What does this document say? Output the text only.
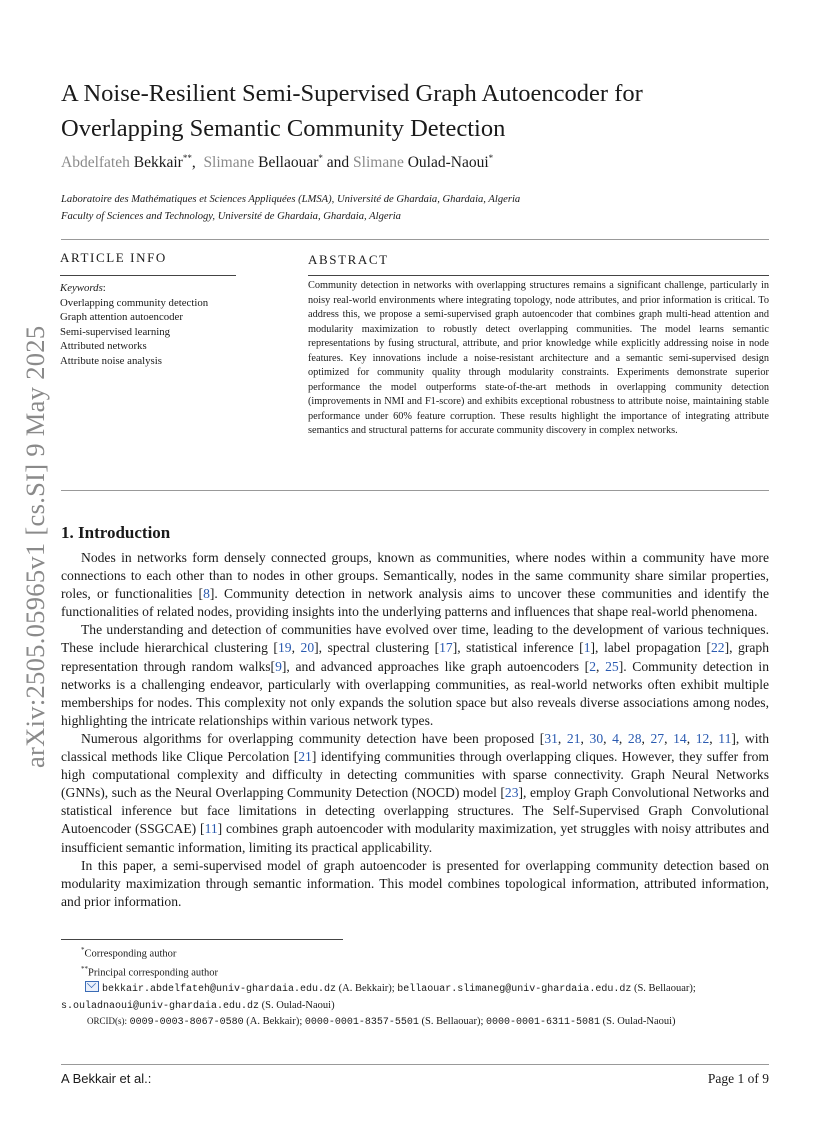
arXiv:2505.05965v1 [cs.SI] 9 May 2025
A Noise-Resilient Semi-Supervised Graph Autoencoder for
Overlapping Semantic Community Detection
Abdelfateh Bekkair**, Slimane Bellaouar* and Slimane Oulad-Naoui*
Laboratoire des Mathématiques et Sciences Appliquées (LMSA), Université de Ghardaia, Ghardaia, Algeria
Faculty of Sciences and Technology, Université de Ghardaia, Ghardaia, Algeria
ARTICLE INFO
Keywords:
Overlapping community detection
Graph attention autoencoder
Semi-supervised learning
Attributed networks
Attribute noise analysis
ABSTRACT
Community detection in networks with overlapping structures remains a significant challenge, particularly in noisy real-world environments where integrating topology, node attributes, and prior information is critical. To address this, we propose a semi-supervised graph autoencoder that combines graph multi-head attention and modularity maximization to robustly detect overlapping communities. The model learns semantic representations by fusing structural, attribute, and prior knowledge while explicitly addressing noise in node features. Key innovations include a noise-resistant architecture and a semantic semi-supervised design optimized for community quality through modularity constraints. Experiments demonstrate superior performance the model outperforms state-of-the-art methods in overlapping community detection (improvements in NMI and F1-score) and exhibits exceptional robustness to attribute noise, maintaining stable performance under 60% feature corruption. These results highlight the importance of integrating attribute semantics and structural patterns for accurate community discovery in complex networks.
1. Introduction

Nodes in networks form densely connected groups, known as communities, where nodes within a community have more connections to each other than to nodes in other groups. Semantically, nodes in the same community share similar properties, roles, or functionalities [8]. Community detection in network analysis aims to uncover these communities and identify the functionalities of related nodes, providing insights into the underlying patterns and influences that shape real-world phenomena.

The understanding and detection of communities have evolved over time, leading to the development of various techniques. These include hierarchical clustering [19, 20], spectral clustering [17], statistical inference [1], label propagation [22], graph representation through random walks[9], and advanced approaches like graph autoencoders [2, 25]. Community detection in networks is a challenging endeavor, particularly with overlapping communities, as real-world networks often exhibit multiple memberships for nodes. This complexity not only expands the solution space but also reveals diverse associations among nodes, highlighting the intricate relationships within various network types.

Numerous algorithms for overlapping community detection have been proposed [31, 21, 30, 4, 28, 27, 14, 12, 11], with classical methods like Clique Percolation [21] identifying communities through overlapping cliques. However, they suffer from high computational complexity and difficulty in detecting communities with sparse connectivity. Graph Neural Networks (GNNs), such as the Neural Overlapping Community Detection (NOCD) model [23], employ Graph Convolutional Networks and statistical inference but face limitations in detecting overlapping structures. The Self-Supervised Graph Convolutional Autoencoder (SSGCAE) [11] combines graph autoencoder with modularity maximization, yet struggles with noisy attributes and insufficient semantic information, limiting its practical applicability.

In this paper, a semi-supervised model of graph autoencoder is presented for overlapping community detection based on modularity maximization through semantic information. This model combines topological information, attributed information, and prior information.

*Corresponding author
**Principal corresponding author
bekkair.abdelfateh@univ-ghardaia.edu.dz (A. Bekkair); bellaouar.slimaneg@univ-ghardaia.edu.dz (S. Bellaouar);
s.ouladnaoui@univ-ghardaia.edu.dz (S. Oulad-Naoui)
ORCID(s): 0009-0003-8067-0580 (A. Bekkair); 0000-0001-8357-5501 (S. Bellaouar); 0000-0001-6311-5081 (S. Oulad-Naoui)
A Bekkair et al.:	Page 1 of 9
